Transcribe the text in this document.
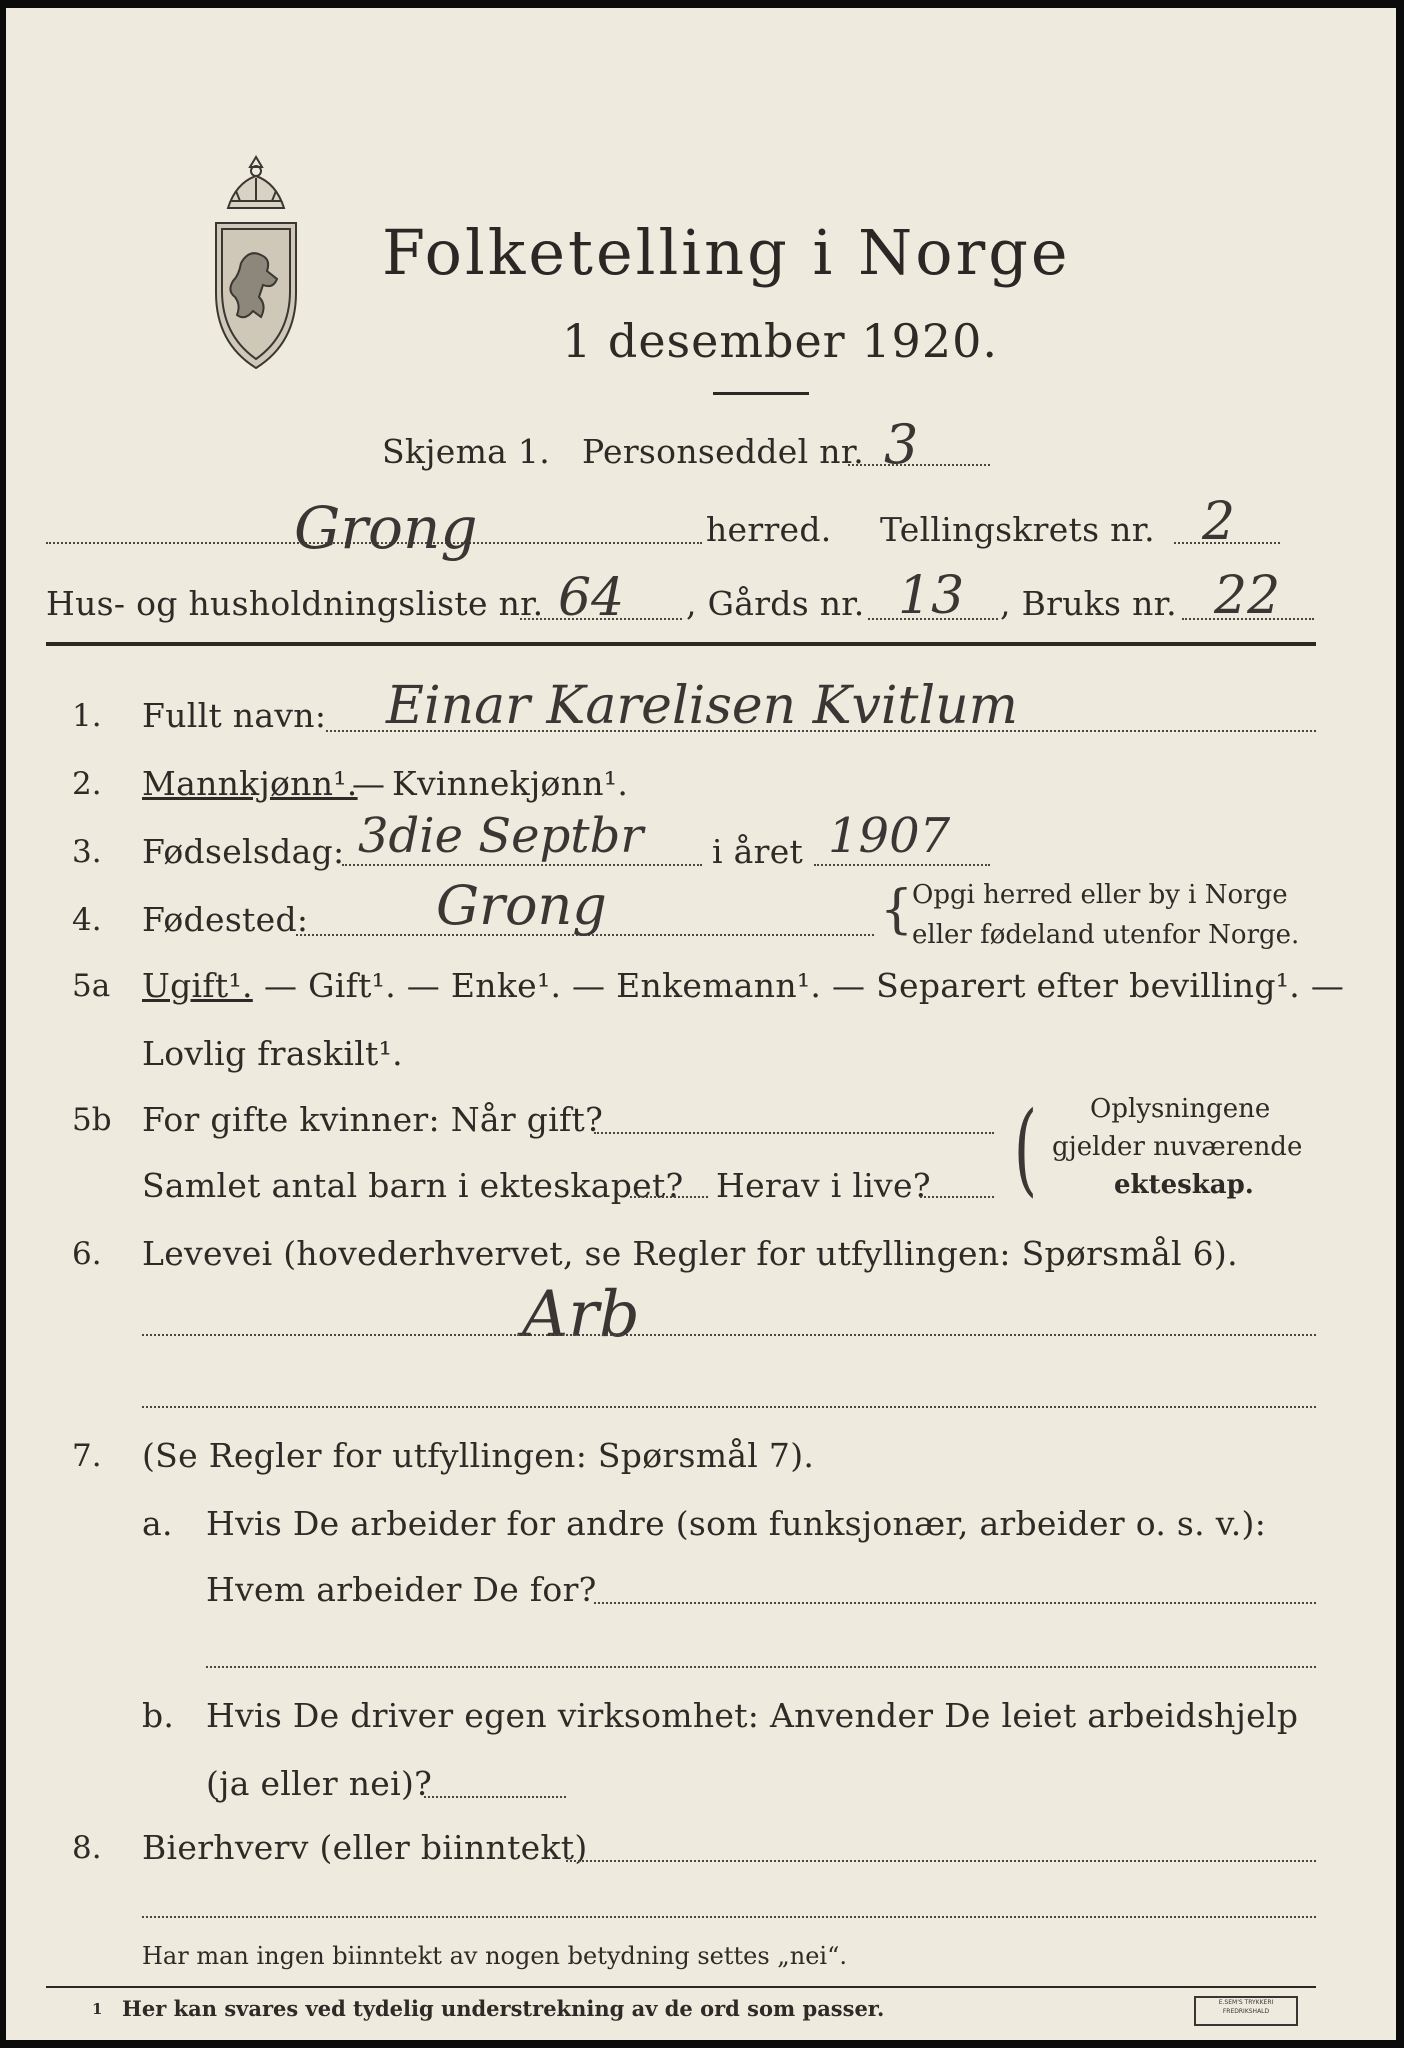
Folketelling i Norge
1 desember 1920.
Skjema 1. Personseddel nr. 3
Grong	herred. Tellingskrets nr. 2
Hus- og husholdningsliste nr. 64 , Gårds nr. 13 , Bruks nr. 22
1. Fullt navn: Einar Karelisen Kvitlum
2. Mannkjønn¹.
— Kvinnekjønn¹.
3. Fødselsdag: 3die Septbr i året 1907
4. Fødested: Grong	{
Opgi herred eller by i Norge
eller fødeland utenfor Norge.
5a Ugift¹. — Gift¹. — Enke¹. — Enkemann¹. — Separert efter bevilling¹. —
Lovlig fraskilt¹.
5b For gifte kvinner: Når gift?
Samlet antal barn i ekteskapet? Herav i live? ( Oplysningene
gjelder nuværende
ekteskap.
6. Levevei (hovederhvervet, se Regler for utfyllingen: Spørsmål 6).
Arb
7. (Se Regler for utfyllingen: Spørsmål 7).
a. Hvis De arbeider for andre (som funksjonær, arbeider o. s. v.):
Hvem arbeider De for?
b. Hvis De driver egen virksomhet: Anvender De leiet arbeidshjelp
(ja eller nei)?
8. Bierhverv (eller biinntekt)
Har man ingen biinntekt av nogen betydning settes „nei“.
1 Her kan svares ved tydelig understrekning av de ord som passer.	E.SEM'S TRYKKERI FREDRIKSHALD
